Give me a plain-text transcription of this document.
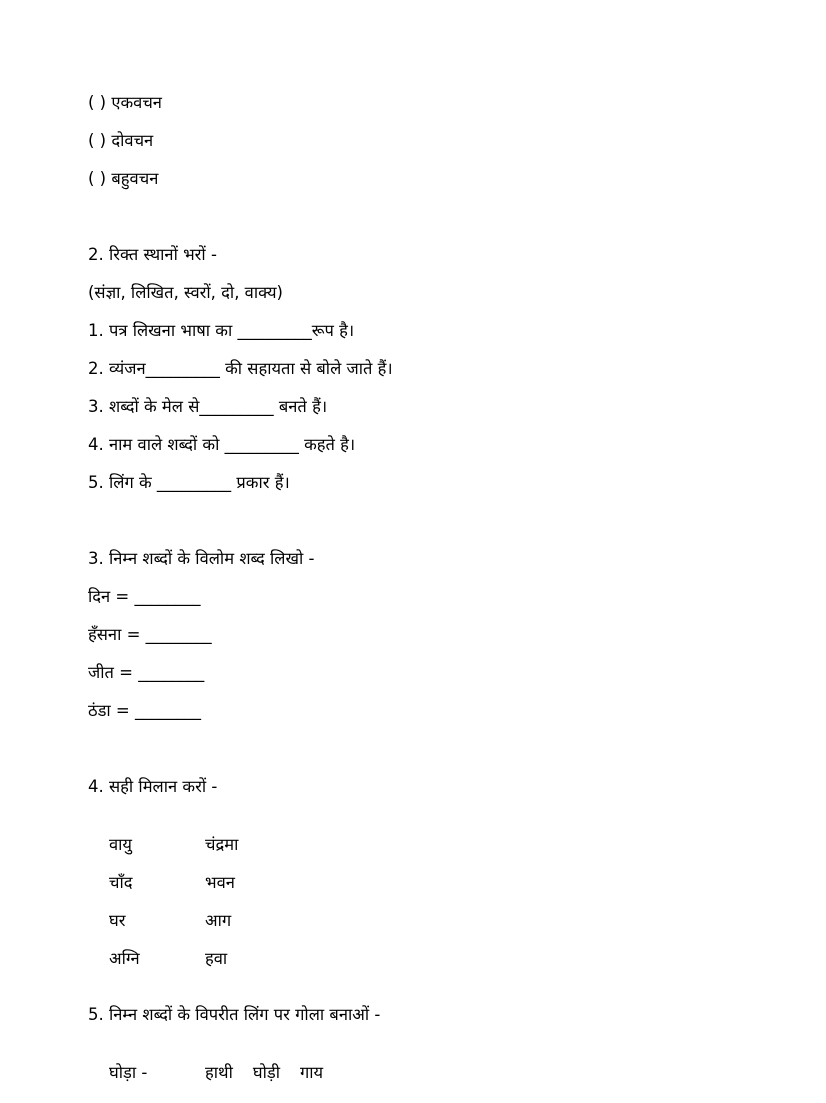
( ) एकवचन
( ) दोवचन
( ) बहुवचन
2. रिक्त स्थानों भरों -
(संज्ञा, लिखित, स्वरों, दो, वाक्य)
1. पत्र लिखना भाषा का _________रूप है।
2. व्यंजन_________ की सहायता से बोले जाते हैं।
3. शब्दों के मेल से_________ बनते हैं।
4. नाम वाले शब्दों को _________ कहते है।
5. लिंग के _________ प्रकार हैं।
3. निम्न शब्दों के विलोम शब्द लिखो -
दिन = ________
हँसना = ________
जीत = ________
ठंडा = ________
4. सही मिलान करों -

वायु	चंद्रमा

चाँद	भवन

घर	आग

अग्नि	हवा

5. निम्न शब्दों के विपरीत लिंग पर गोला बनाओं -

घोड़ा -	हाथी घोड़ी गाय
